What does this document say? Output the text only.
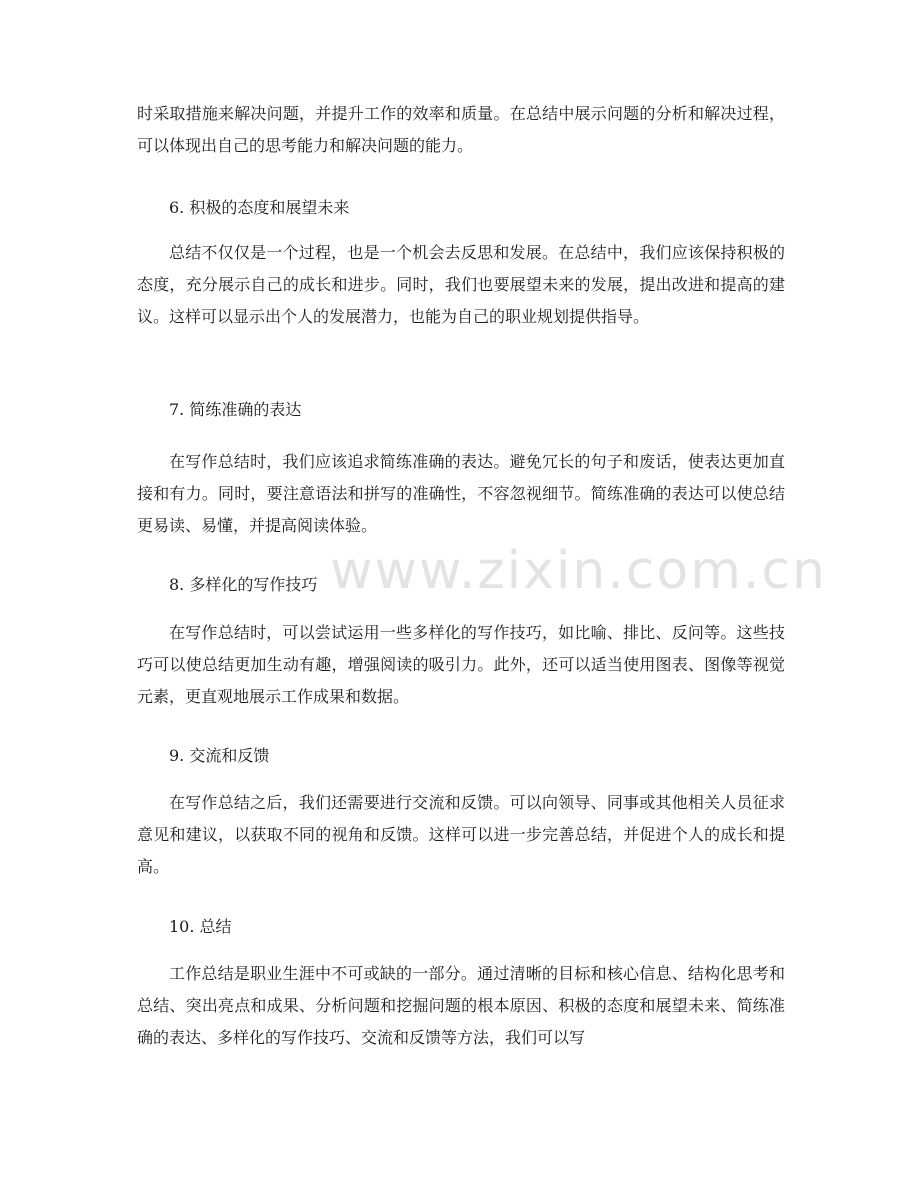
时采取措施来解决问题，并提升工作的效率和质量。在总结中展示问题的分析和解决过程，可以体现出自己的思考能力和解决问题的能力。

6. 积极的态度和展望未来

总结不仅仅是一个过程，也是一个机会去反思和发展。在总结中，我们应该保持积极的态度，充分展示自己的成长和进步。同时，我们也要展望未来的发展，提出改进和提高的建议。这样可以显示出个人的发展潜力，也能为自己的职业规划提供指导。

7. 简练准确的表达

在写作总结时，我们应该追求简练准确的表达。避免冗长的句子和废话，使表达更加直接和有力。同时，要注意语法和拼写的准确性，不容忽视细节。简练准确的表达可以使总结更易读、易懂，并提高阅读体验。

8. 多样化的写作技巧

在写作总结时，可以尝试运用一些多样化的写作技巧，如比喻、排比、反问等。这些技巧可以使总结更加生动有趣，增强阅读的吸引力。此外，还可以适当使用图表、图像等视觉元素，更直观地展示工作成果和数据。

9. 交流和反馈

在写作总结之后，我们还需要进行交流和反馈。可以向领导、同事或其他相关人员征求意见和建议，以获取不同的视角和反馈。这样可以进一步完善总结，并促进个人的成长和提高。

10. 总结

工作总结是职业生涯中不可或缺的一部分。通过清晰的目标和核心信息、结构化思考和总结、突出亮点和成果、分析问题和挖掘问题的根本原因、积极的态度和展望未来、简练准确的表达、多样化的写作技巧、交流和反馈等方法，我们可以写

www.zixin.com.cn
